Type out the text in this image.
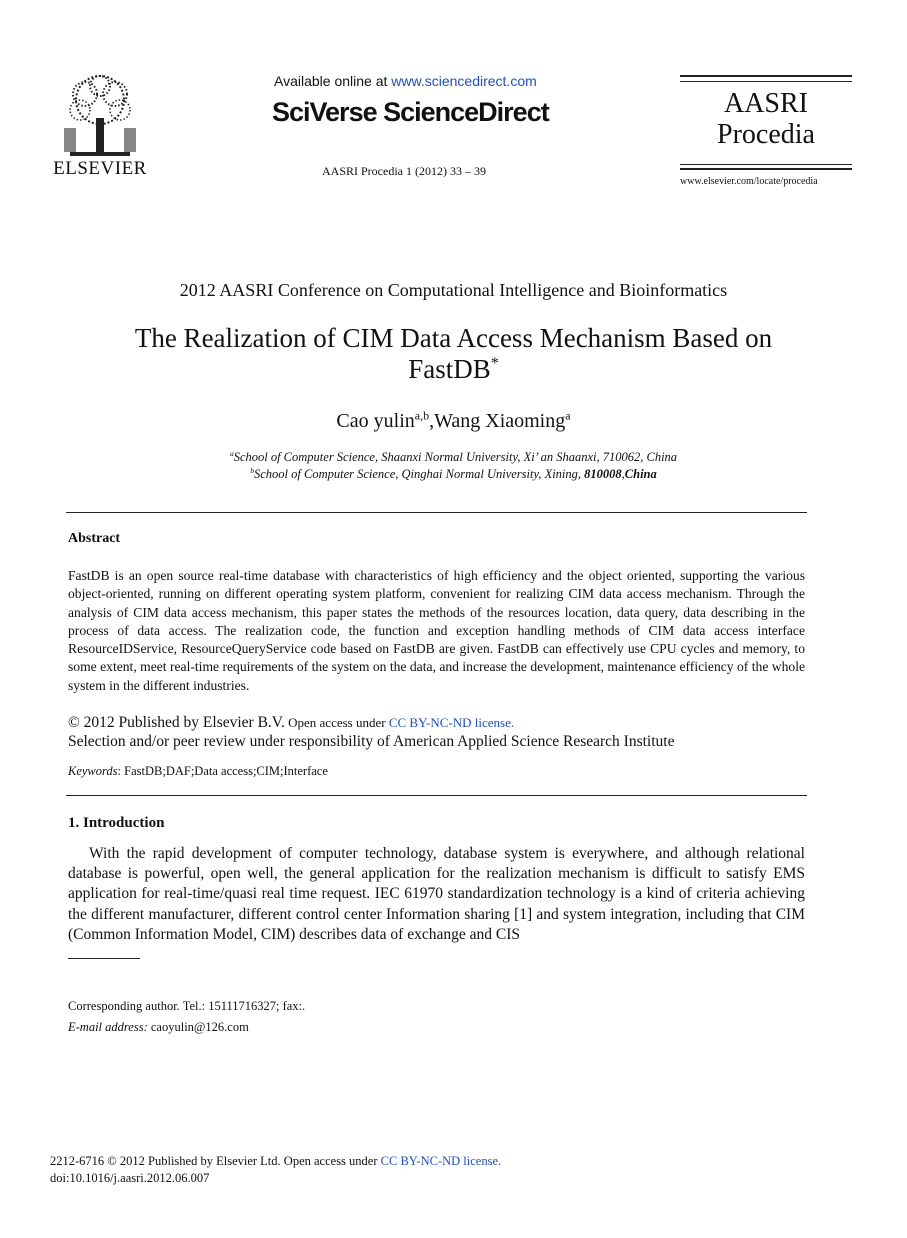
ELSEVIER
Available online at www.sciencedirect.com
SciVerse ScienceDirect
AASRI Procedia 1 (2012) 33 – 39
AASRI
Procedia
www.elsevier.com/locate/procedia
2012 AASRI Conference on Computational Intelligence and Bioinformatics
The Realization of CIM Data Access Mechanism Based on
FastDB*
Cao yulin$^{a,b}$,Wang Xiaoming$^a$
$^a$School of Computer Science, Shaanxi Normal University, Xi’ an Shaanxi, 710062, China
$^b$School of Computer Science, Qinghai Normal University, Xining, 810008,China
Abstract
FastDB is an open source real-time database with characteristics of high efficiency and the object oriented, supporting the various object-oriented, running on different operating system platform, convenient for realizing CIM data access mechanism. Through the analysis of CIM data access mechanism, this paper states the methods of the resources location, data query, data describing in the process of data access. The realization code, the function and exception handling methods of CIM data access interface ResourceIDService, ResourceQueryService code based on FastDB are given. FastDB can effectively use CPU cycles and memory, to some extent, meet real-time requirements of the system on the data, and increase the development, maintenance efficiency of the whole system in the different industries.
© 2012 Published by Elsevier B.V. Open access under CC BY-NC-ND license.
Selection and/or peer review under responsibility of American Applied Science Research Institute
Keywords: FastDB;DAF;Data access;CIM;Interface
1. Introduction
With the rapid development of computer technology, database system is everywhere, and although relational database is powerful, open well, the general application for the realization mechanism is difficult to satisfy EMS application for real-time/quasi real time request. IEC 61970 standardization technology is a kind of criteria achieving the different manufacturer, different control center Information sharing [1] and system integration, including that CIM (Common Information Model, CIM) describes data of exchange and CIS
Corresponding author. Tel.: 15111716327; fax:.
E-mail address: caoyulin@126.com
2212-6716 © 2012 Published by Elsevier Ltd. Open access under CC BY-NC-ND license.
doi:10.1016/j.aasri.2012.06.007
